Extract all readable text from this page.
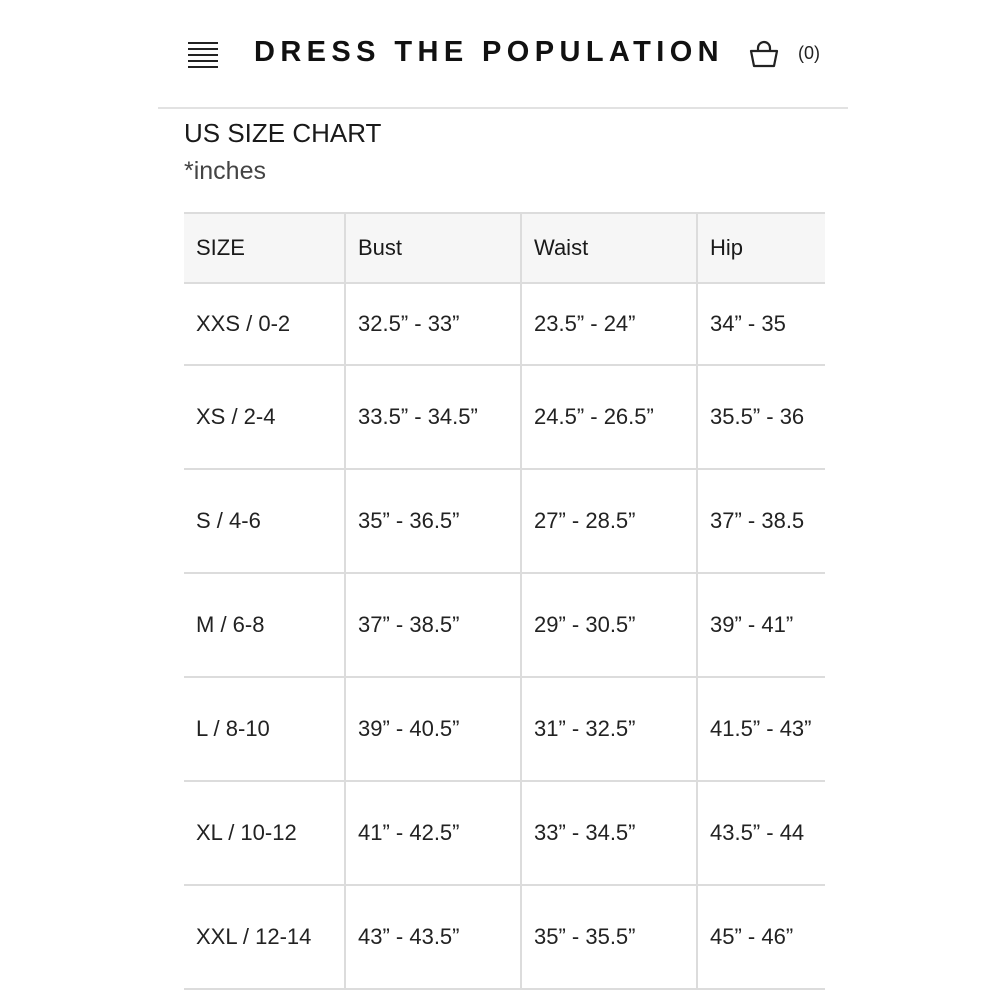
DRESS THE POPULATION	(0)
US SIZE CHART
*inches
SIZE	Bust	Waist	Hip	
XXS / 0-2	32.5” - 33”	23.5” - 24”	34” - 35	
XS / 2-4	33.5” - 34.5”	24.5” - 26.5”	35.5” - 36	
S / 4-6	35” - 36.5”	27” - 28.5”	37” - 38.5	
M / 6-8	37” - 38.5”	29” - 30.5”	39” - 41”	
L / 8-10	39” - 40.5”	31” - 32.5”	41.5” - 43”	
XL / 10-12	41” - 42.5”	33” - 34.5”	43.5” - 44	
XXL / 12-14	43” - 43.5”	35” - 35.5”	45” - 46”	
